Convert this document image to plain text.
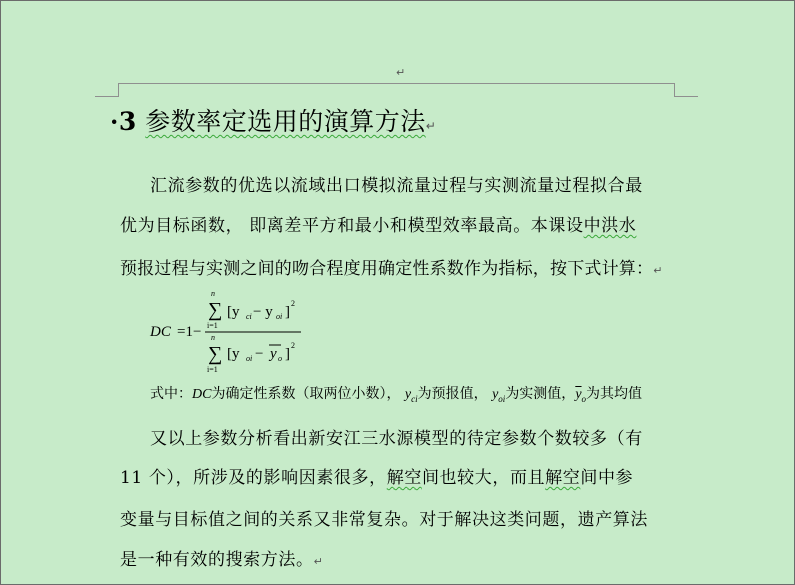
↵
·3 参数率定选用的演算方法↵
汇流参数的优选以流域出口模拟流量过程与实测流量过程拟合最
优为目标函数， 即离差平方和最小和模型效率最高。本课设中洪水
预报过程与实测之间的吻合程度用确定性系数作为指标，按下式计算：↵
DC =1−
n
∑
i=1
[y ci − y oi ]
2
n
∑
i=1
[y oi − y o ]
2
式中：DC为确定性系数（取两位小数）， $y_{ci}$为预报值， $y_{oi}$为实测值，$\overline{y}_o$为其均值
又以上参数分析看出新安江三水源模型的待定参数个数较多（有
11 个），所涉及的影响因素很多，解空间也较大，而且解空间中参
变量与目标值之间的关系又非常复杂。对于解决这类问题，遗产算法
是一种有效的搜索方法。↵
